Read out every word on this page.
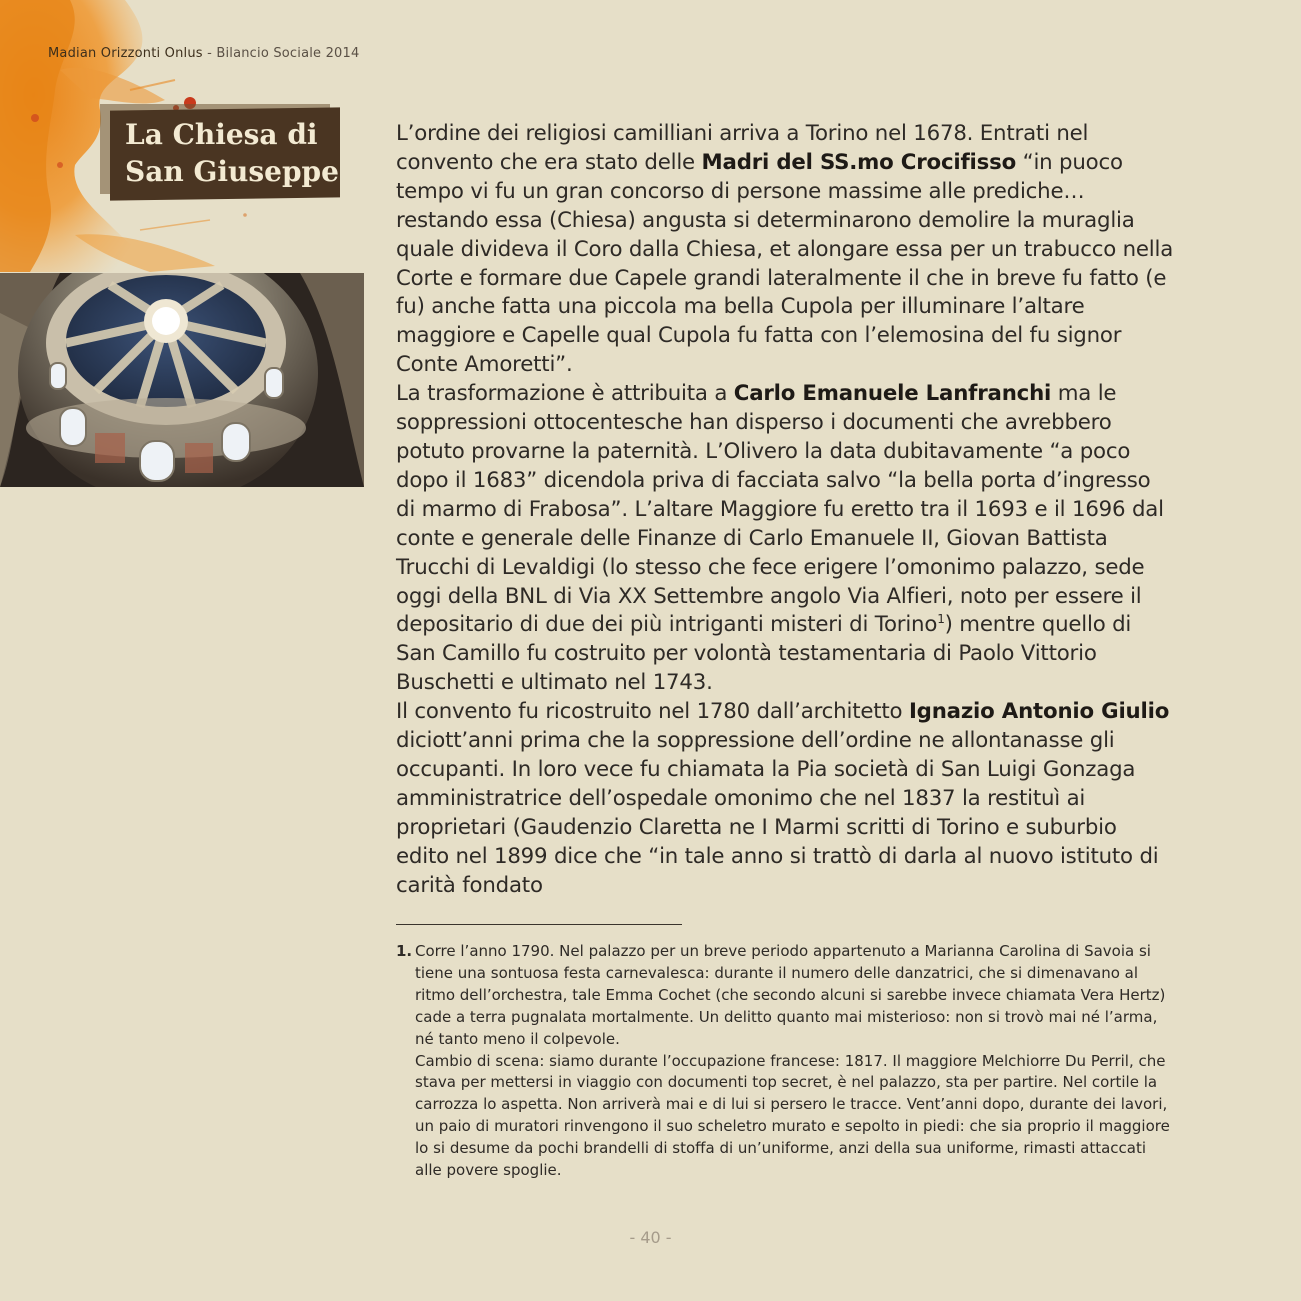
Madian Orizzonti Onlus - Bilancio Sociale 2014
La Chiesa di
San Giuseppe

L’ordine dei religiosi camilliani arriva a Torino nel 1678. Entrati nel convento che era stato delle Madri del SS.mo Crocifisso “in puoco tempo vi fu un gran concorso di persone massime alle prediche… restando essa (Chiesa) angusta si determinarono demolire la muraglia quale divideva il Coro dalla Chiesa, et alongare essa per un trabucco nella Corte e formare due Capele grandi lateralmente il che in breve fu fatto (e fu) anche fatta una piccola ma bella Cupola per illuminare l’altare maggiore e Capelle qual Cupola fu fatta con l’elemosina del fu signor Conte Amoretti”.

La trasformazione è attribuita a Carlo Emanuele Lanfranchi ma le soppressioni ottocentesche han disperso i documenti che avrebbero potuto provarne la paternità. L’Olivero la data dubitavamente “a poco dopo il 1683” dicendola priva di facciata salvo “la bella porta d’ingresso di marmo di Frabosa”. L’altare Maggiore fu eretto tra il 1693 e il 1696 dal conte e generale delle Finanze di Carlo Emanuele II, Giovan Battista Trucchi di Levaldigi (lo stesso che fece erigere l’omonimo palazzo, sede oggi della BNL di Via XX Settembre angolo Via Alfieri, noto per essere il depositario di due dei più intriganti misteri di Torino$^1$) mentre quello di San Camillo fu costruito per volontà testamentaria di Paolo Vittorio Buschetti e ultimato nel 1743.

Il convento fu ricostruito nel 1780 dall’architetto Ignazio Antonio Giulio diciott’anni prima che la soppressione dell’ordine ne allontanasse gli occupanti. In loro vece fu chiamata la Pia società di San Luigi Gonzaga amministratrice dell’ospedale omonimo che nel 1837 la restituì ai proprietari (Gaudenzio Claretta ne I Marmi scritti di Torino e suburbio edito nel 1899 dice che “in tale anno si trattò di darla al nuovo istituto di carità fondato

1. Corre l’anno 1790. Nel palazzo per un breve periodo appartenuto a Marianna Carolina di Savoia si tiene una sontuosa festa carnevalesca: durante il numero delle danzatrici, che si dimenavano al ritmo dell’orchestra, tale Emma Cochet (che secondo alcuni si sarebbe invece chiamata Vera Hertz) cade a terra pugnalata mortalmente. Un delitto quanto mai misterioso: non si trovò mai né l’arma, né tanto meno il colpevole.

Cambio di scena: siamo durante l’occupazione francese: 1817. Il maggiore Melchiorre Du Perril, che stava per mettersi in viaggio con documenti top secret, è nel palazzo, sta per partire. Nel cortile la carrozza lo aspetta. Non arriverà mai e di lui si persero le tracce. Vent’anni dopo, durante dei lavori, un paio di muratori rinvengono il suo scheletro murato e sepolto in piedi: che sia proprio il maggiore lo si desume da pochi brandelli di stoffa di un’uniforme, anzi della sua uniforme, rimasti attaccati alle povere spoglie.

- 40 -
